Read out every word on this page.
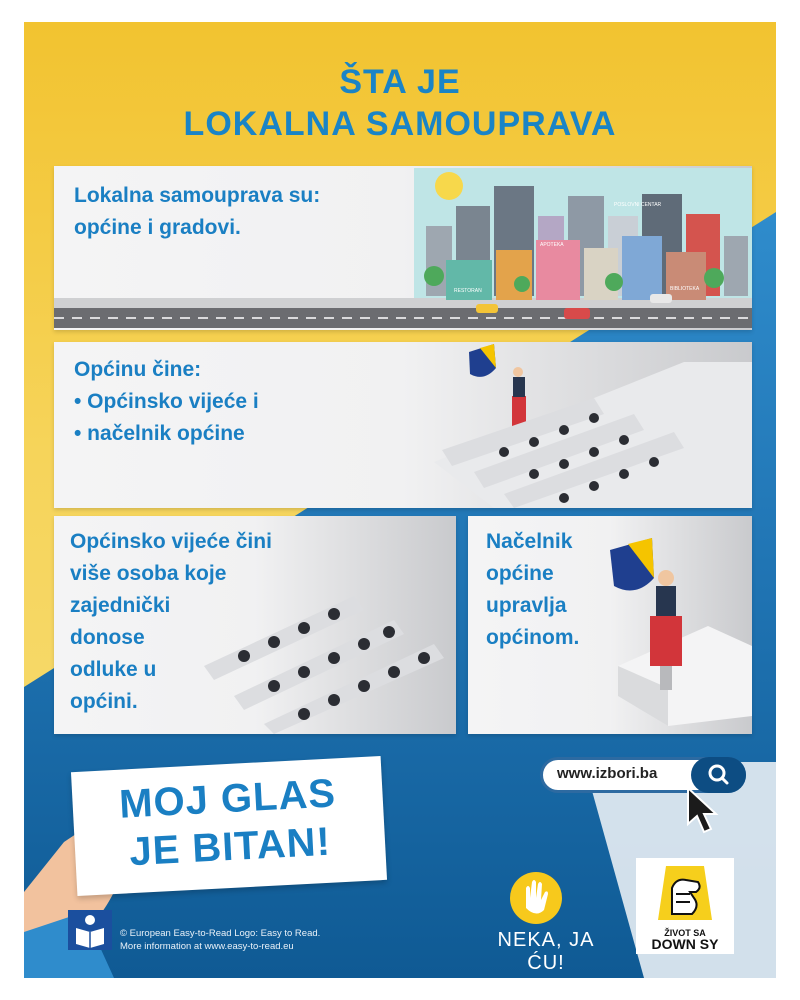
ŠTA JE
LOKALNA SAMOUPRAVA

Lokalna samouprava su:

općine i gradovi.

RESTORAN
APOTEKA
POSLOVNI CENTAR
BIBLIOTEKA

Općinu čine:

• Općinsko vijeće i

• načelnik općine

Općinsko vijeće čini

više osoba koje

zajednički

donose

odluke u

općini.

Načelnik

općine

upravlja

općinom.

MOJ GLAS

JE BITAN!

www.izbori.ba

NEKA, JA ĆU!

ŽIVOT SA

DOWN SY

© European Easy-to-Read Logo: Easy to Read.

More information at www.easy-to-read.eu
